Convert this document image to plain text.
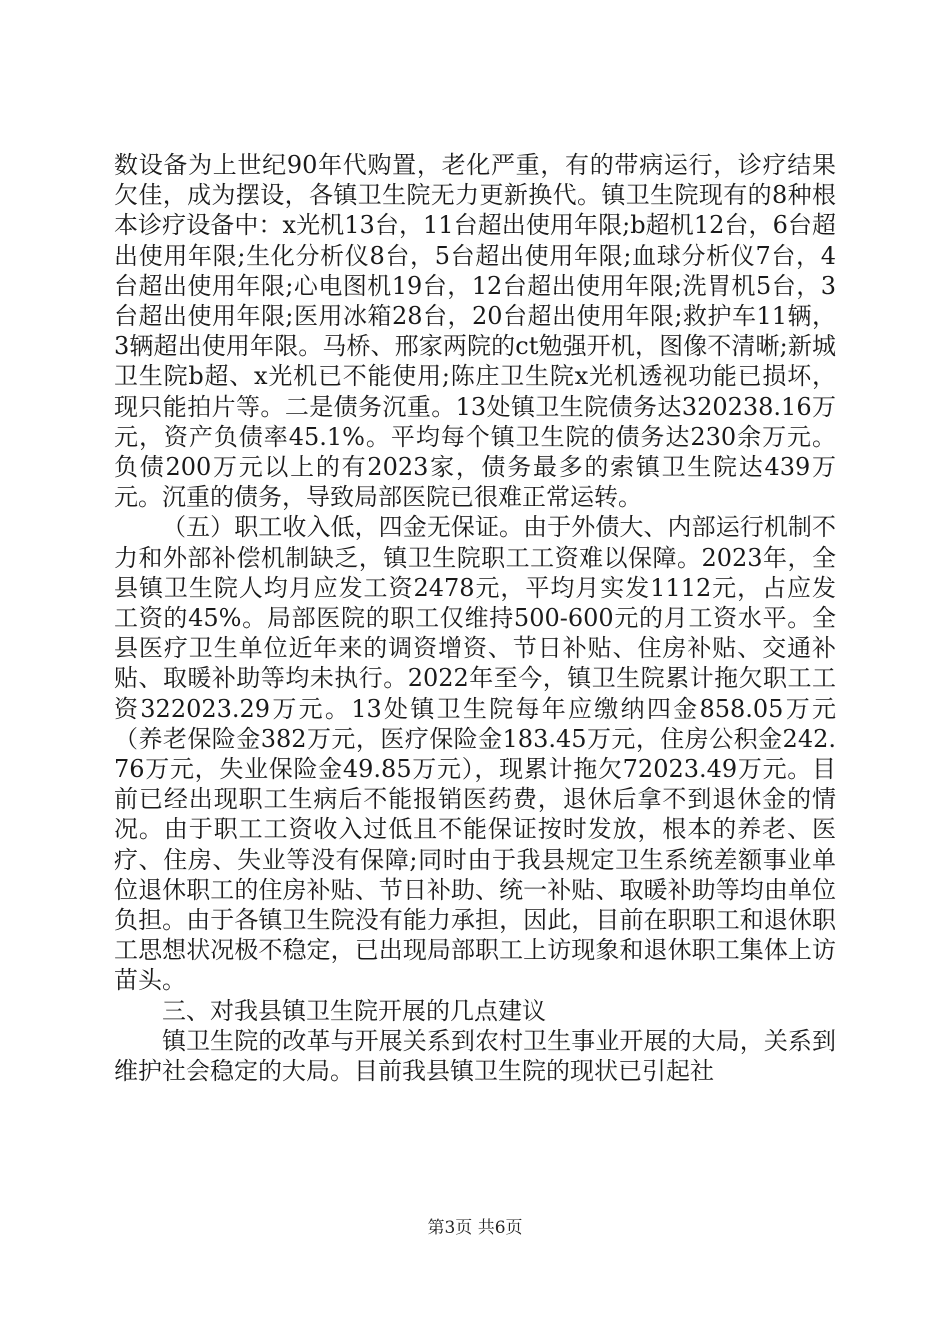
数设备为上世纪90年代购置，老化严重，有的带病运行，诊疗结果欠佳，成为摆设，各镇卫生院无力更新换代。镇卫生院现有的8种根本诊疗设备中：x光机13台，11台超出使用年限;b超机12台，6台超出使用年限;生化分析仪8台，5台超出使用年限;血球分析仪7台，4台超出使用年限;心电图机19台，12台超出使用年限;洗胃机5台，3台超出使用年限;医用冰箱28台，20台超出使用年限;救护车11辆，3辆超出使用年限。马桥、邢家两院的ct勉强开机，图像不清晰;新城卫生院b超、x光机已不能使用;陈庄卫生院x光机透视功能已损坏，现只能拍片等。二是债务沉重。13处镇卫生院债务达320238.16万元，资产负债率45.1%。平均每个镇卫生院的债务达230余万元。负债200万元以上的有2023家，债务最多的索镇卫生院达439万元。沉重的债务，导致局部医院已很难正常运转。

（五）职工收入低，四金无保证。由于外债大、内部运行机制不力和外部补偿机制缺乏，镇卫生院职工工资难以保障。2023年，全县镇卫生院人均月应发工资2478元，平均月实发1112元，占应发工资的45%。局部医院的职工仅维持500-600元的月工资水平。全县医疗卫生单位近年来的调资增资、节日补贴、住房补贴、交通补贴、取暖补助等均未执行。2022年至今，镇卫生院累计拖欠职工工资322023.29万元。13处镇卫生院每年应缴纳四金858.05万元（养老保险金382万元，医疗保险金183.45万元，住房公积金242.76万元，失业保险金49.85万元），现累计拖欠72023.49万元。目前已经出现职工生病后不能报销医药费，退休后拿不到退休金的情况。由于职工工资收入过低且不能保证按时发放，根本的养老、医疗、住房、失业等没有保障;同时由于我县规定卫生系统差额事业单位退休职工的住房补贴、节日补助、统一补贴、取暖补助等均由单位负担。由于各镇卫生院没有能力承担，因此，目前在职职工和退休职工思想状况极不稳定，已出现局部职工上访现象和退休职工集体上访苗头。

三、对我县镇卫生院开展的几点建议

镇卫生院的改革与开展关系到农村卫生事业开展的大局，关系到维护社会稳定的大局。目前我县镇卫生院的现状已引起社

第3页 共6页
